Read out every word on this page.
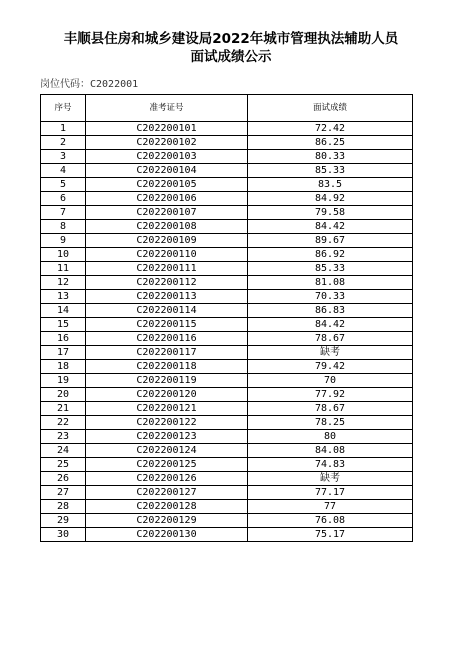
丰顺县住房和城乡建设局2022年城市管理执法辅助人员
面试成绩公示
岗位代码：C2022001
序号	准考证号	面试成绩
1	C202200101	72.42
2	C202200102	86.25
3	C202200103	80.33
4	C202200104	85.33
5	C202200105	83.5
6	C202200106	84.92
7	C202200107	79.58
8	C202200108	84.42
9	C202200109	89.67
10	C202200110	86.92
11	C202200111	85.33
12	C202200112	81.08
13	C202200113	70.33
14	C202200114	86.83
15	C202200115	84.42
16	C202200116	78.67
17	C202200117	缺考
18	C202200118	79.42
19	C202200119	70
20	C202200120	77.92
21	C202200121	78.67
22	C202200122	78.25
23	C202200123	80
24	C202200124	84.08
25	C202200125	74.83
26	C202200126	缺考
27	C202200127	77.17
28	C202200128	77
29	C202200129	76.08
30	C202200130	75.17
